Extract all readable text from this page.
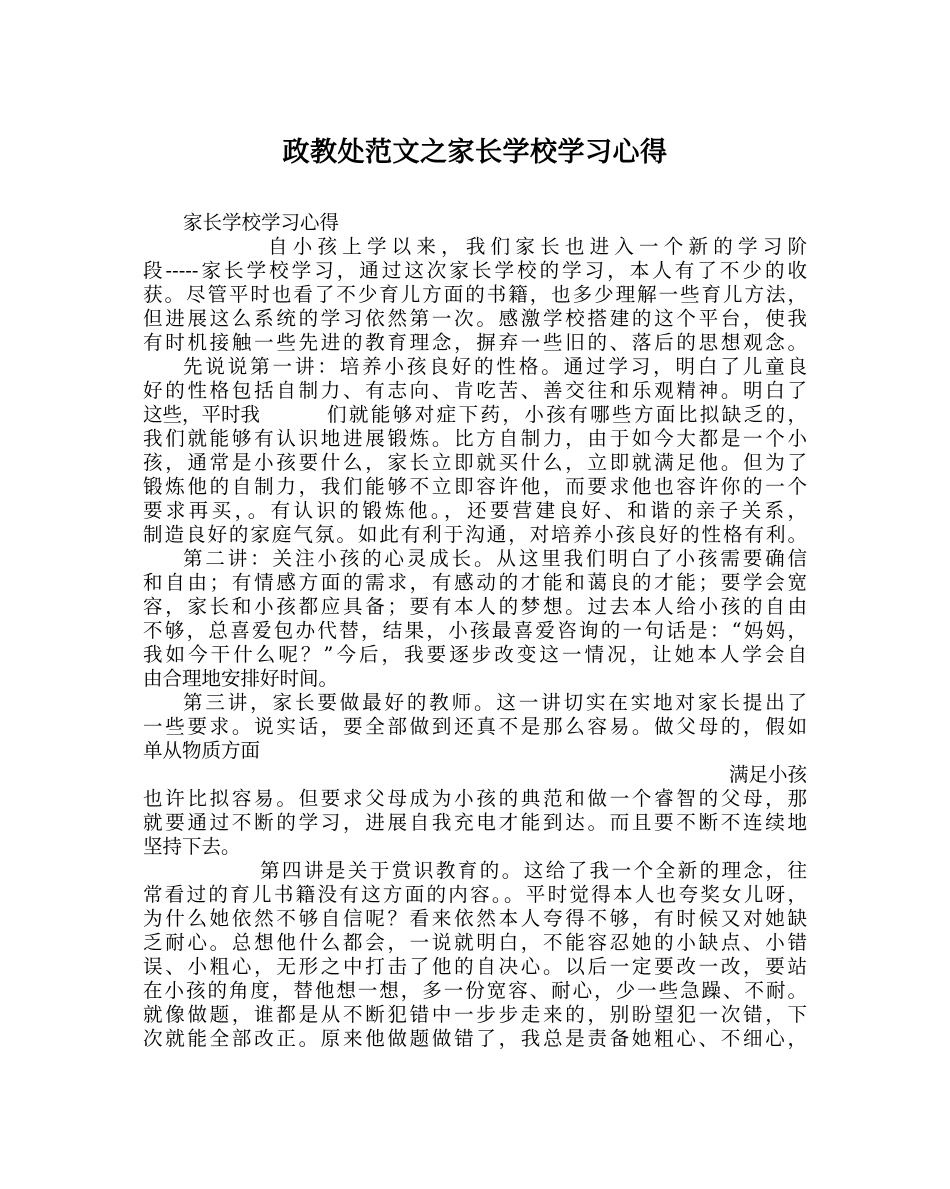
政教处范文之家长学校学习心得
家长学校学习心得
自小孩上学以来，我们家长也进入一个新的学习阶
段-----家长学校学习，通过这次家长学校的学习，本人有了不少的收
获。尽管平时也看了不少育儿方面的书籍，也多少理解一些育儿方法，
但进展这么系统的学习依然第一次。感激学校搭建的这个平台，使我
有时机接触一些先进的教育理念，摒弃一些旧的、落后的思想观念。
先说说第一讲：培养小孩良好的性格。通过学习，明白了儿童良
好的性格包括自制力、有志向、肯吃苦、善交往和乐观精神。明白了
这些，平时我	们就能够对症下药，小孩有哪些方面比拟缺乏的，
我们就能够有认识地进展锻炼。比方自制力，由于如今大都是一个小
孩，通常是小孩要什么，家长立即就买什么，立即就满足他。但为了
锻炼他的自制力，我们能够不立即容许他，而要求他也容许你的一个
要求再买，。有认识的锻炼他。，还要营建良好、和谐的亲子关系，
制造良好的家庭气氛。如此有利于沟通，对培养小孩良好的性格有利。
第二讲：关注小孩的心灵成长。从这里我们明白了小孩需要确信
和自由；有情感方面的需求，有感动的才能和蔼良的才能；要学会宽
容，家长和小孩都应具备；要有本人的梦想。过去本人给小孩的自由
不够，总喜爱包办代替，结果，小孩最喜爱咨询的一句话是：“妈妈，
我如今干什么呢？”今后，我要逐步改变这一情况，让她本人学会自
由合理地安排好时间。
第三讲，家长要做最好的教师。这一讲切实在实地对家长提出了
一些要求。说实话，要全部做到还真不是那么容易。做父母的，假如
单从物质方面
满足小孩
也许比拟容易。但要求父母成为小孩的典范和做一个睿智的父母，那
就要通过不断的学习，进展自我充电才能到达。而且要不断不连续地
坚持下去。
第四讲是关于赏识教育的。这给了我一个全新的理念，往
常看过的育儿书籍没有这方面的内容。。平时觉得本人也夸奖女儿呀，
为什么她依然不够自信呢？看来依然本人夸得不够，有时候又对她缺
乏耐心。总想他什么都会，一说就明白，不能容忍她的小缺点、小错
误、小粗心，无形之中打击了他的自决心。以后一定要改一改，要站
在小孩的角度，替他想一想，多一份宽容、耐心，少一些急躁、不耐。
就像做题，谁都是从不断犯错中一步步走来的，别盼望犯一次错，下
次就能全部改正。原来他做题做错了，我总是责备她粗心、不细心，
